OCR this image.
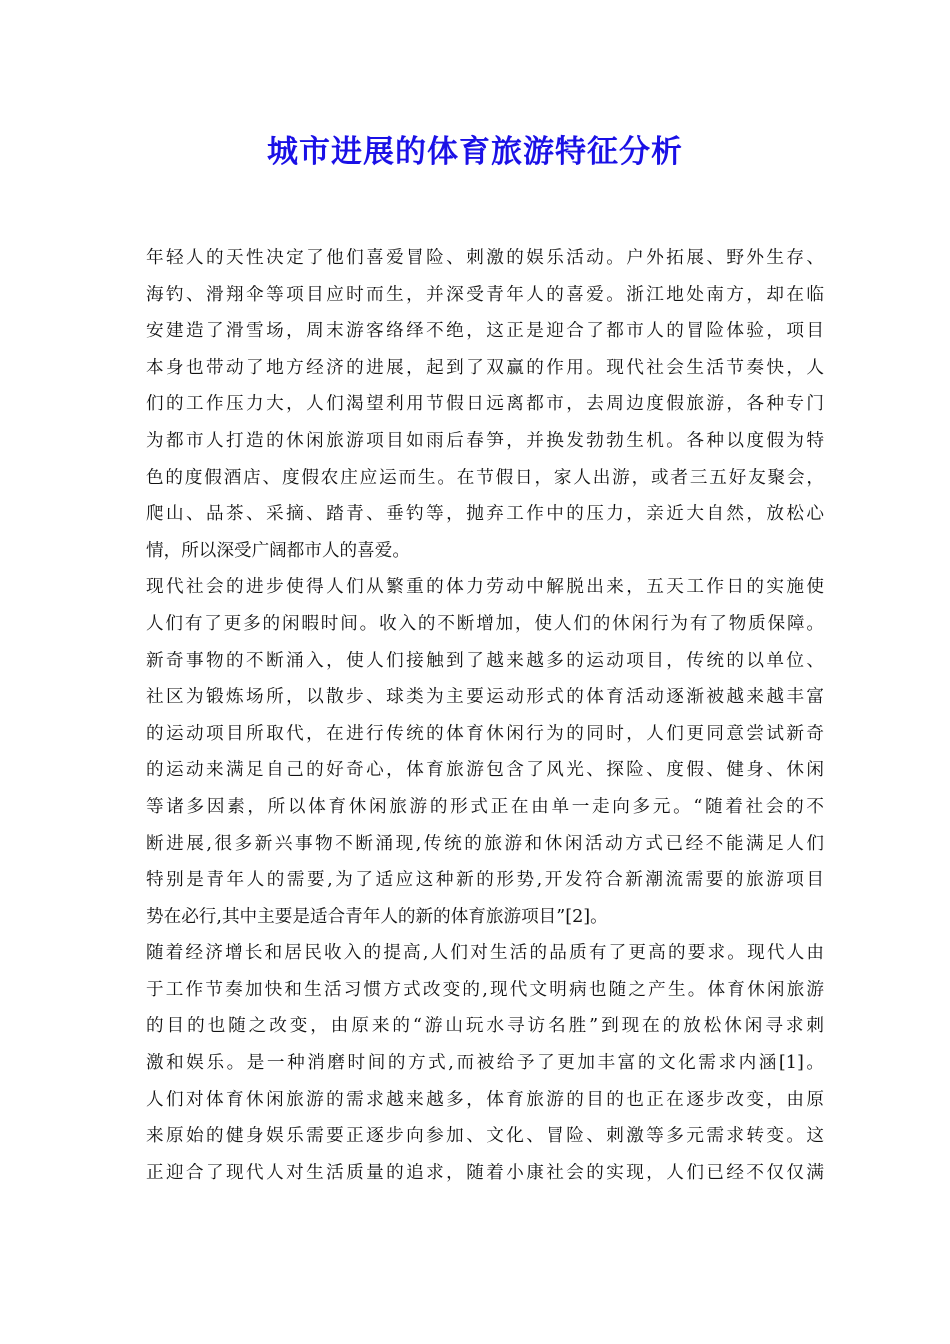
城市进展的体育旅游特征分析

年轻人的天性决定了他们喜爱冒险、刺激的娱乐活动。户外拓展、野外生存、
海钓、滑翔伞等项目应时而生，并深受青年人的喜爱。浙江地处南方，却在临
安建造了滑雪场，周末游客络绎不绝，这正是迎合了都市人的冒险体验，项目
本身也带动了地方经济的进展，起到了双赢的作用。现代社会生活节奏快，人
们的工作压力大，人们渴望利用节假日远离都市，去周边度假旅游，各种专门
为都市人打造的休闲旅游项目如雨后春笋，并换发勃勃生机。各种以度假为特
色的度假酒店、度假农庄应运而生。在节假日，家人出游，或者三五好友聚会，
爬山、品茶、采摘、踏青、垂钓等，抛弃工作中的压力，亲近大自然，放松心
情，所以深受广阔都市人的喜爱。

现代社会的进步使得人们从繁重的体力劳动中解脱出来，五天工作日的实施使
人们有了更多的闲暇时间。收入的不断增加，使人们的休闲行为有了物质保障。
新奇事物的不断涌入，使人们接触到了越来越多的运动项目，传统的以单位、
社区为锻炼场所，以散步、球类为主要运动形式的体育活动逐渐被越来越丰富
的运动项目所取代，在进行传统的体育休闲行为的同时，人们更同意尝试新奇
的运动来满足自己的好奇心，体育旅游包含了风光、探险、度假、健身、休闲
等诸多因素，所以体育休闲旅游的形式正在由单一走向多元。“随着社会的不
断进展,很多新兴事物不断涌现,传统的旅游和休闲活动方式已经不能满足人们
特别是青年人的需要,为了适应这种新的形势,开发符合新潮流需要的旅游项目
势在必行,其中主要是适合青年人的新的体育旅游项目”[2]。

随着经济增长和居民收入的提高,人们对生活的品质有了更高的要求。现代人由
于工作节奏加快和生活习惯方式改变的,现代文明病也随之产生。体育休闲旅游
的目的也随之改变，由原来的“游山玩水寻访名胜”到现在的放松休闲寻求刺
激和娱乐。是一种消磨时间的方式,而被给予了更加丰富的文化需求内涵[1]。
人们对体育休闲旅游的需求越来越多，体育旅游的目的也正在逐步改变，由原
来原始的健身娱乐需要正逐步向参加、文化、冒险、刺激等多元需求转变。这
正迎合了现代人对生活质量的追求，随着小康社会的实现，人们已经不仅仅满
